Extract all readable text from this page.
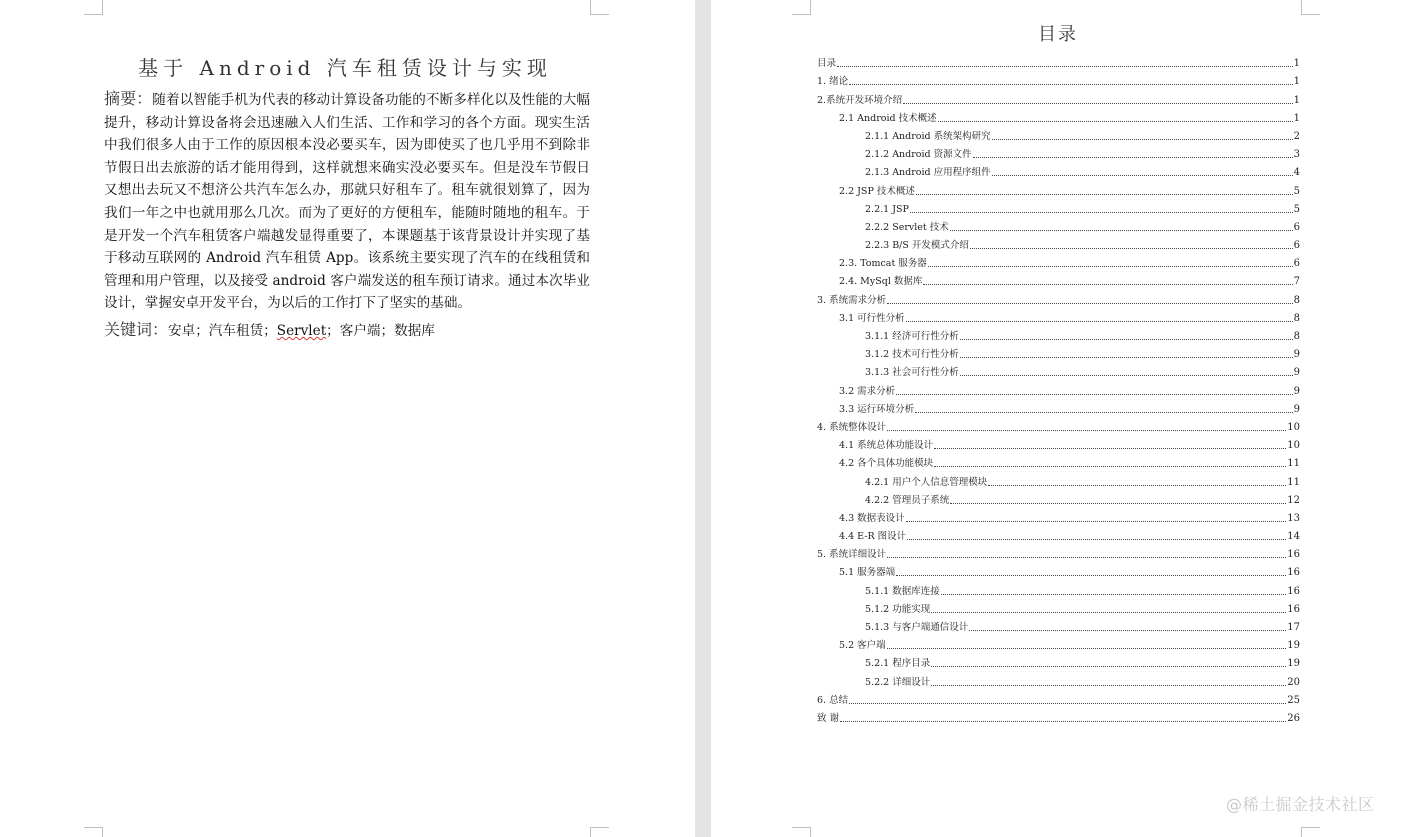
基于 Android 汽车租赁设计与实现
摘要：随着以智能手机为代表的移动计算设备功能的不断多样化以及性能的大幅提升，移动计算设备将会迅速融入人们生活、工作和学习的各个方面。现实生活中我们很多人由于工作的原因根本没必要买车，因为即使买了也几乎用不到除非节假日出去旅游的话才能用得到，这样就想来确实没必要买车。但是没车节假日又想出去玩又不想济公共汽车怎么办，那就只好租车了。租车就很划算了，因为我们一年之中也就用那么几次。而为了更好的方便租车，能随时随地的租车。于是开发一个汽车租赁客户端越发显得重要了，本课题基于该背景设计并实现了基于移动互联网的 Android 汽车租赁 App。该系统主要实现了汽车的在线租赁和管理和用户管理，以及接受 android 客户端发送的租车预订请求。通过本次毕业设计，掌握安卓开发平台，为以后的工作打下了坚实的基础。
关键词：安卓；汽车租赁；Servlet；客户端；数据库
目录
目录	1
1. 绪论	1
2.系统开发环境介绍	1
2.1 Android 技术概述	1
2.1.1 Android 系统架构研究	2
2.1.2 Android 资源文件	3
2.1.3 Android 应用程序组件	4
2.2 JSP 技术概述	5
2.2.1 JSP	5
2.2.2 Servlet 技术	6
2.2.3 B/S 开发模式介绍	6
2.3. Tomcat 服务器	6
2.4. MySql 数据库	7
3. 系统需求分析	8
3.1 可行性分析	8
3.1.1 经济可行性分析	8
3.1.2 技术可行性分析	9
3.1.3 社会可行性分析	9
3.2 需求分析	9
3.3 运行环境分析	9
4. 系统整体设计	10
4.1 系统总体功能设计	10
4.2 各个具体功能模块	11
4.2.1 用户个人信息管理模块	11
4.2.2 管理员子系统	12
4.3 数据表设计	13
4.4 E-R 图设计	14
5. 系统详细设计	16
5.1 服务器端	16
5.1.1 数据库连接	16
5.1.2 功能实现	16
5.1.3 与客户端通信设计	17
5.2 客户端	19
5.2.1 程序目录	19
5.2.2 详细设计	20
6. 总结	25
致 谢	26
@稀土掘金技术社区
